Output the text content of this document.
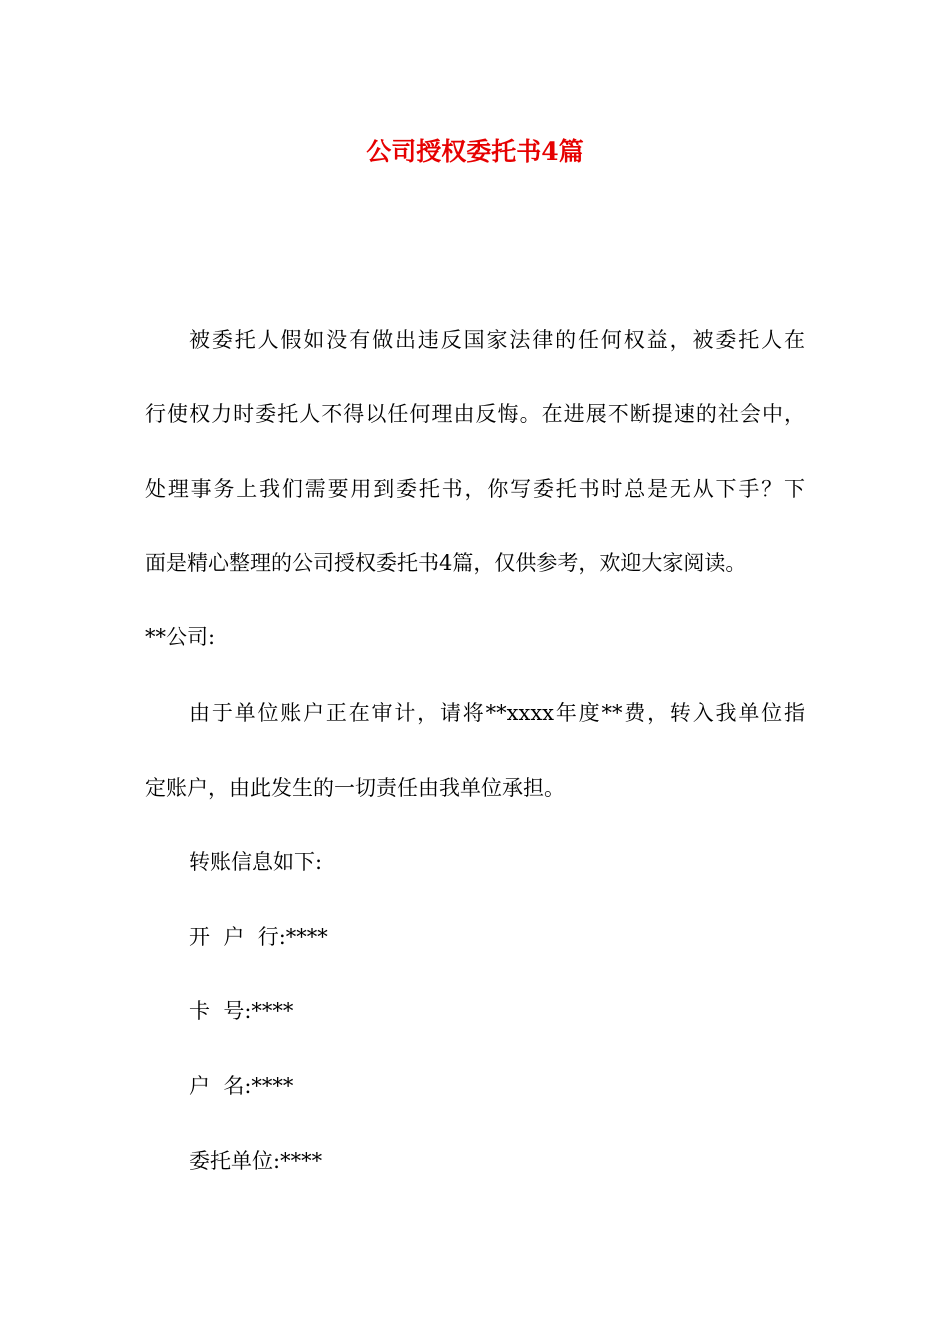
公司授权委托书4篇
被委托人假如没有做出违反国家法律的任何权益，被委托人在
行使权力时委托人不得以任何理由反悔。在进展不断提速的社会中，
处理事务上我们需要用到委托书，你写委托书时总是无从下手？下
面是精心整理的公司授权委托书4篇，仅供参考，欢迎大家阅读。
**公司:
由于单位账户正在审计，请将**xxxx年度**费，转入我单位指
定账户，由此发生的一切责任由我单位承担。
转账信息如下:
开  户  行:****
卡  号:****
户  名:****
委托单位:****
